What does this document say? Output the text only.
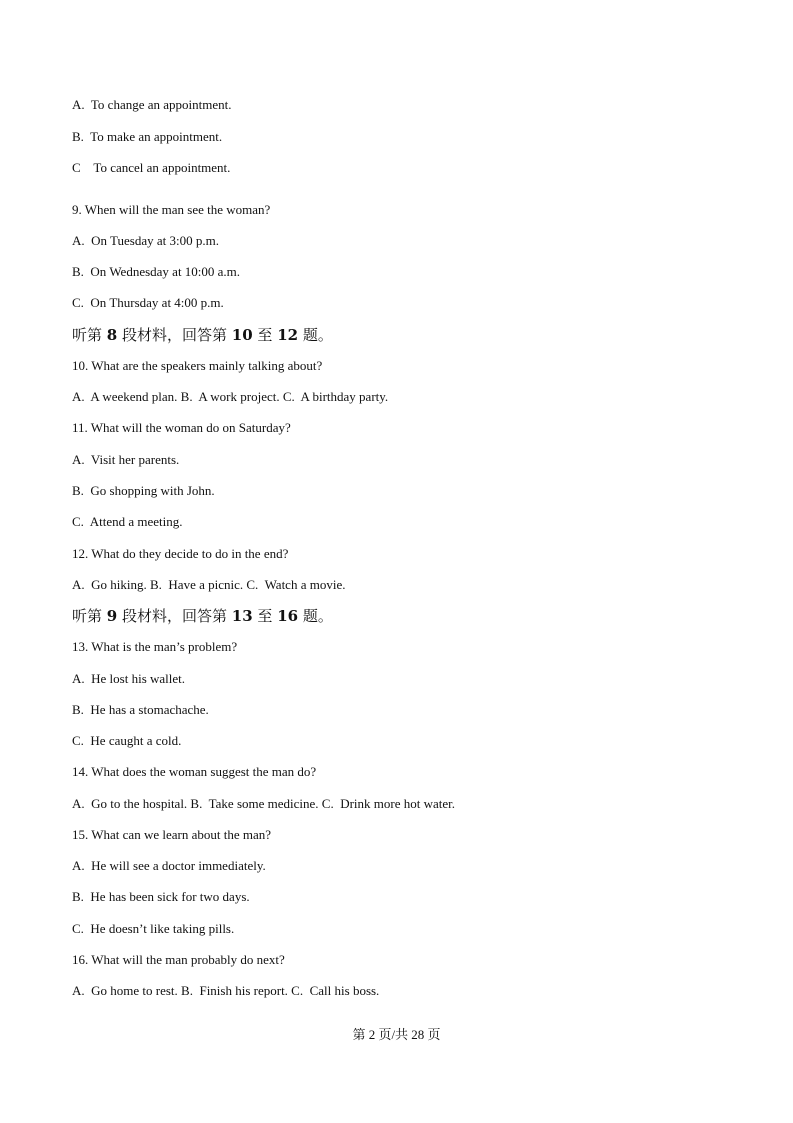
A.  To change an appointment.
B.  To make an appointment.
C    To cancel an appointment.
9. When will the man see the woman?
A.  On Tuesday at 3:00 p.m.
B.  On Wednesday at 10:00 a.m.
C.  On Thursday at 4:00 p.m.
听第 8 段材料，回答第 10 至 12 题。
10. What are the speakers mainly talking about?
A.  A weekend plan. B.  A work project. C.  A birthday party.
11. What will the woman do on Saturday?
A.  Visit her parents.
B.  Go shopping with John.
C.  Attend a meeting.
12. What do they decide to do in the end?
A.  Go hiking. B.  Have a picnic. C.  Watch a movie.
听第 9 段材料，回答第 13 至 16 题。
13. What is the man’s problem?
A.  He lost his wallet.
B.  He has a stomachache.
C.  He caught a cold.
14. What does the woman suggest the man do?
A.  Go to the hospital. B.  Take some medicine. C.  Drink more hot water.
15. What can we learn about the man?
A.  He will see a doctor immediately.
B.  He has been sick for two days.
C.  He doesn’t like taking pills.
16. What will the man probably do next?
A.  Go home to rest. B.  Finish his report. C.  Call his boss.
第 2 页/共 28 页
